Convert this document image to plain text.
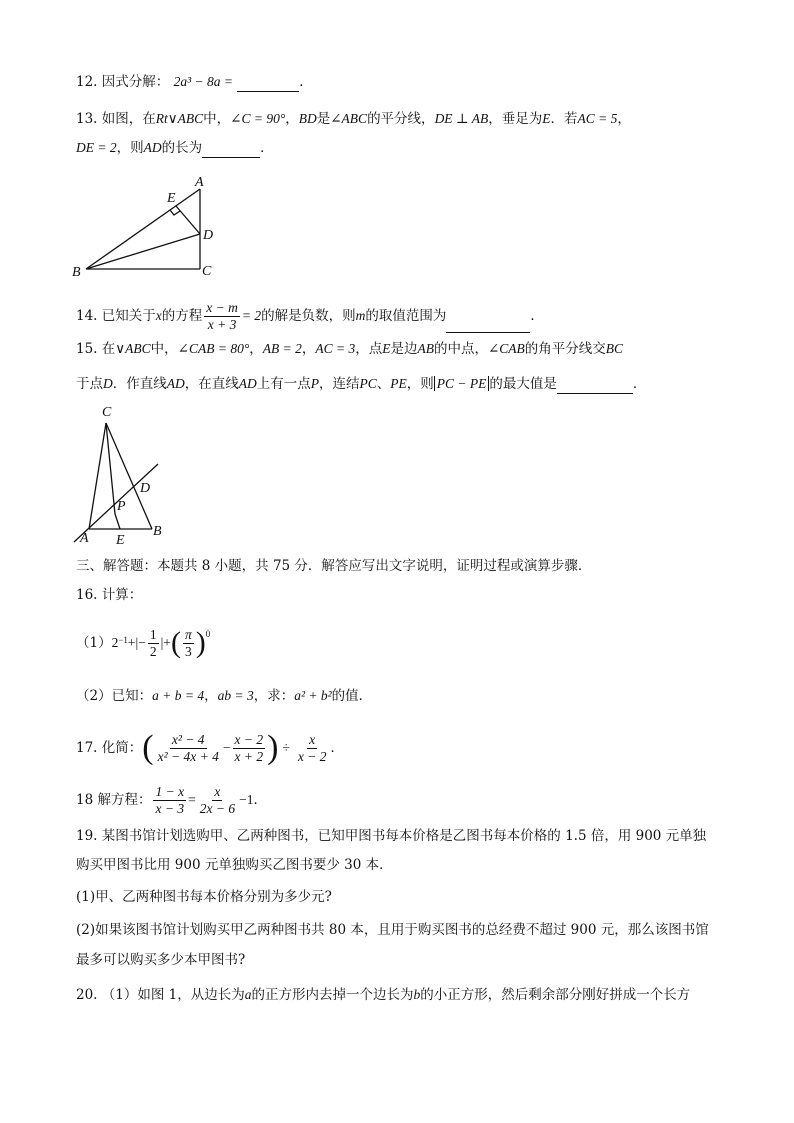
12. 因式分解： 2a³ − 8a =	．
13. 如图，在Rt∨ABC中，∠C = 90°，BD是∠ABC的平分线，DE ⊥ AB，垂足为E．若AC = 5，
DE = 2，则AD的长为	．
A
E
D
B	C
14. 已知关于x的方程 $\frac{x - m}{x + 3} = 2$的解是负数，则m的取值范围为	．
15. 在∨ABC中，∠CAB = 80°，AB = 2，AC = 3，点E是边AB的中点，∠CAB的角平分线交BC
于点D．作直线AD，在直线AD上有一点P，连结PC、PE，则 PC − PE 的最大值是	．
C
D
P
A E
B
三、解答题：本题共 8 小题，共 75 分．解答应写出文字说明，证明过程或演算步骤．
16. 计算：
（1） $2^{-1}$ +|− $\frac{1}{2}$ |+ ( $\frac{\pi}{3} )^0$
（2）已知：a + b = 4，ab = 3，求：a² + b²的值．
17.
化简： ( $\frac{\text{x² − 4}}{\text{x² − 4x + 4}} - \frac{x - 2}{x + 2}$ ) ÷ $\frac{x}{x - 2}$ ．
18
解方程： $\frac{1 - x}{x - 3} = \frac{x}{2x - 6} -1$ ．
19. 某图书馆计划选购甲、乙两种图书，已知甲图书每本价格是乙图书每本价格的 1.5 倍，用 900 元单独
购买甲图书比用 900 元单独购买乙图书要少 30 本．
(1)甲、乙两种图书每本价格分别为多少元?
(2)如果该图书馆计划购买甲乙两种图书共 80 本，且用于购买图书的总经费不超过 900 元，那么该图书馆
最多可以购买多少本甲图书?
20. （1）如图 1，从边长为a的正方形内去掉一个边长为b的小正方形，然后剩余部分刚好拼成一个长方
